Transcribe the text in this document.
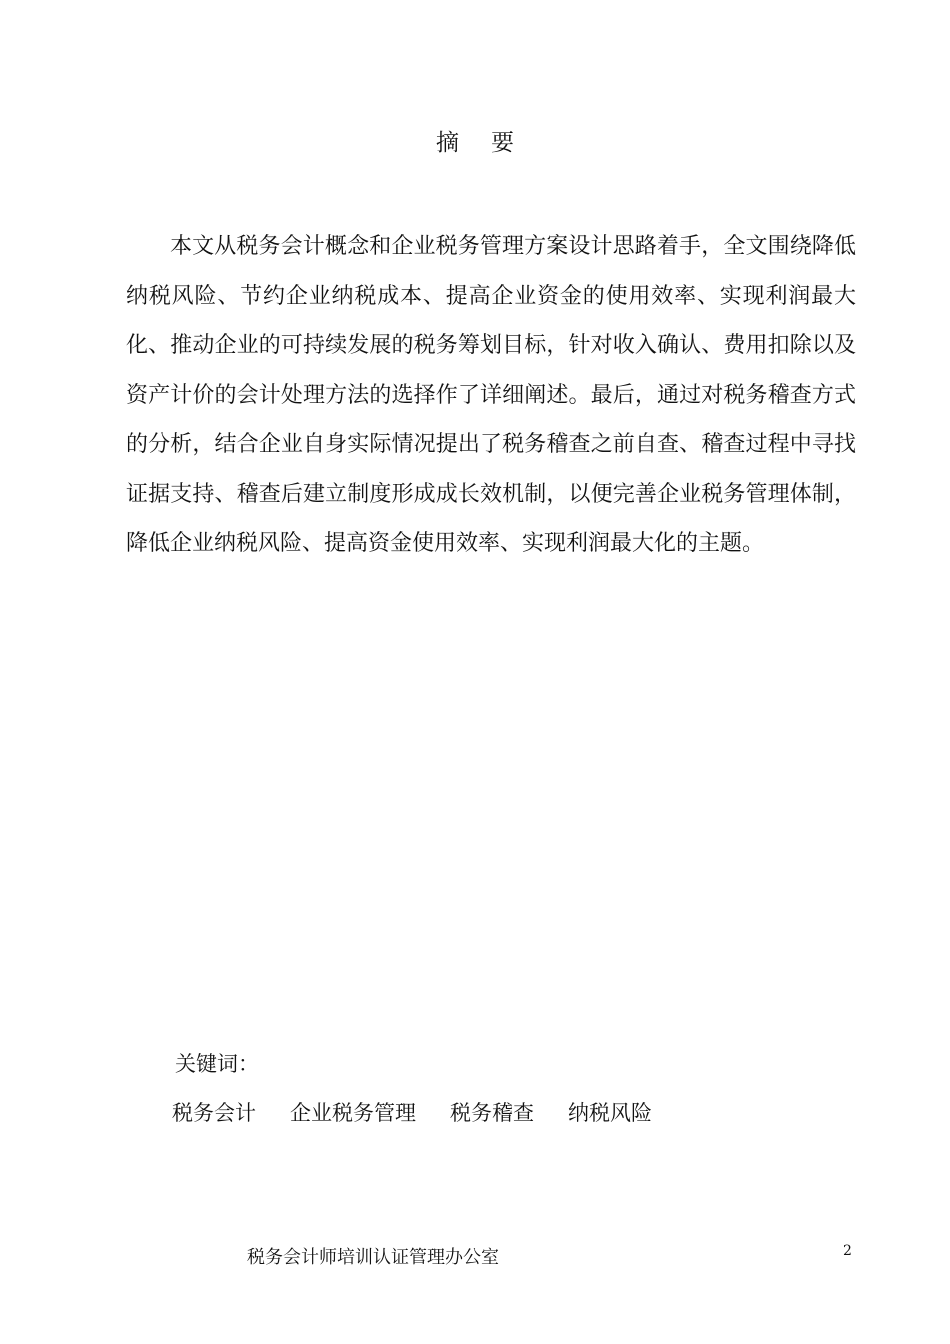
摘 要

本文从税务会计概念和企业税务管理方案设计思路着手，全文围绕降低纳税风险、节约企业纳税成本、提高企业资金的使用效率、实现利润最大化、推动企业的可持续发展的税务筹划目标，针对收入确认、费用扣除以及资产计价的会计处理方法的选择作了详细阐述。最后，通过对税务稽查方式的分析，结合企业自身实际情况提出了税务稽查之前自查、稽查过程中寻找证据支持、稽查后建立制度形成成长效机制，以便完善企业税务管理体制，降低企业纳税风险、提高资金使用效率、实现利润最大化的主题。

关键词：
税务会计 企业税务管理 税务稽查 纳税风险
税务会计师培训认证管理办公室	2
